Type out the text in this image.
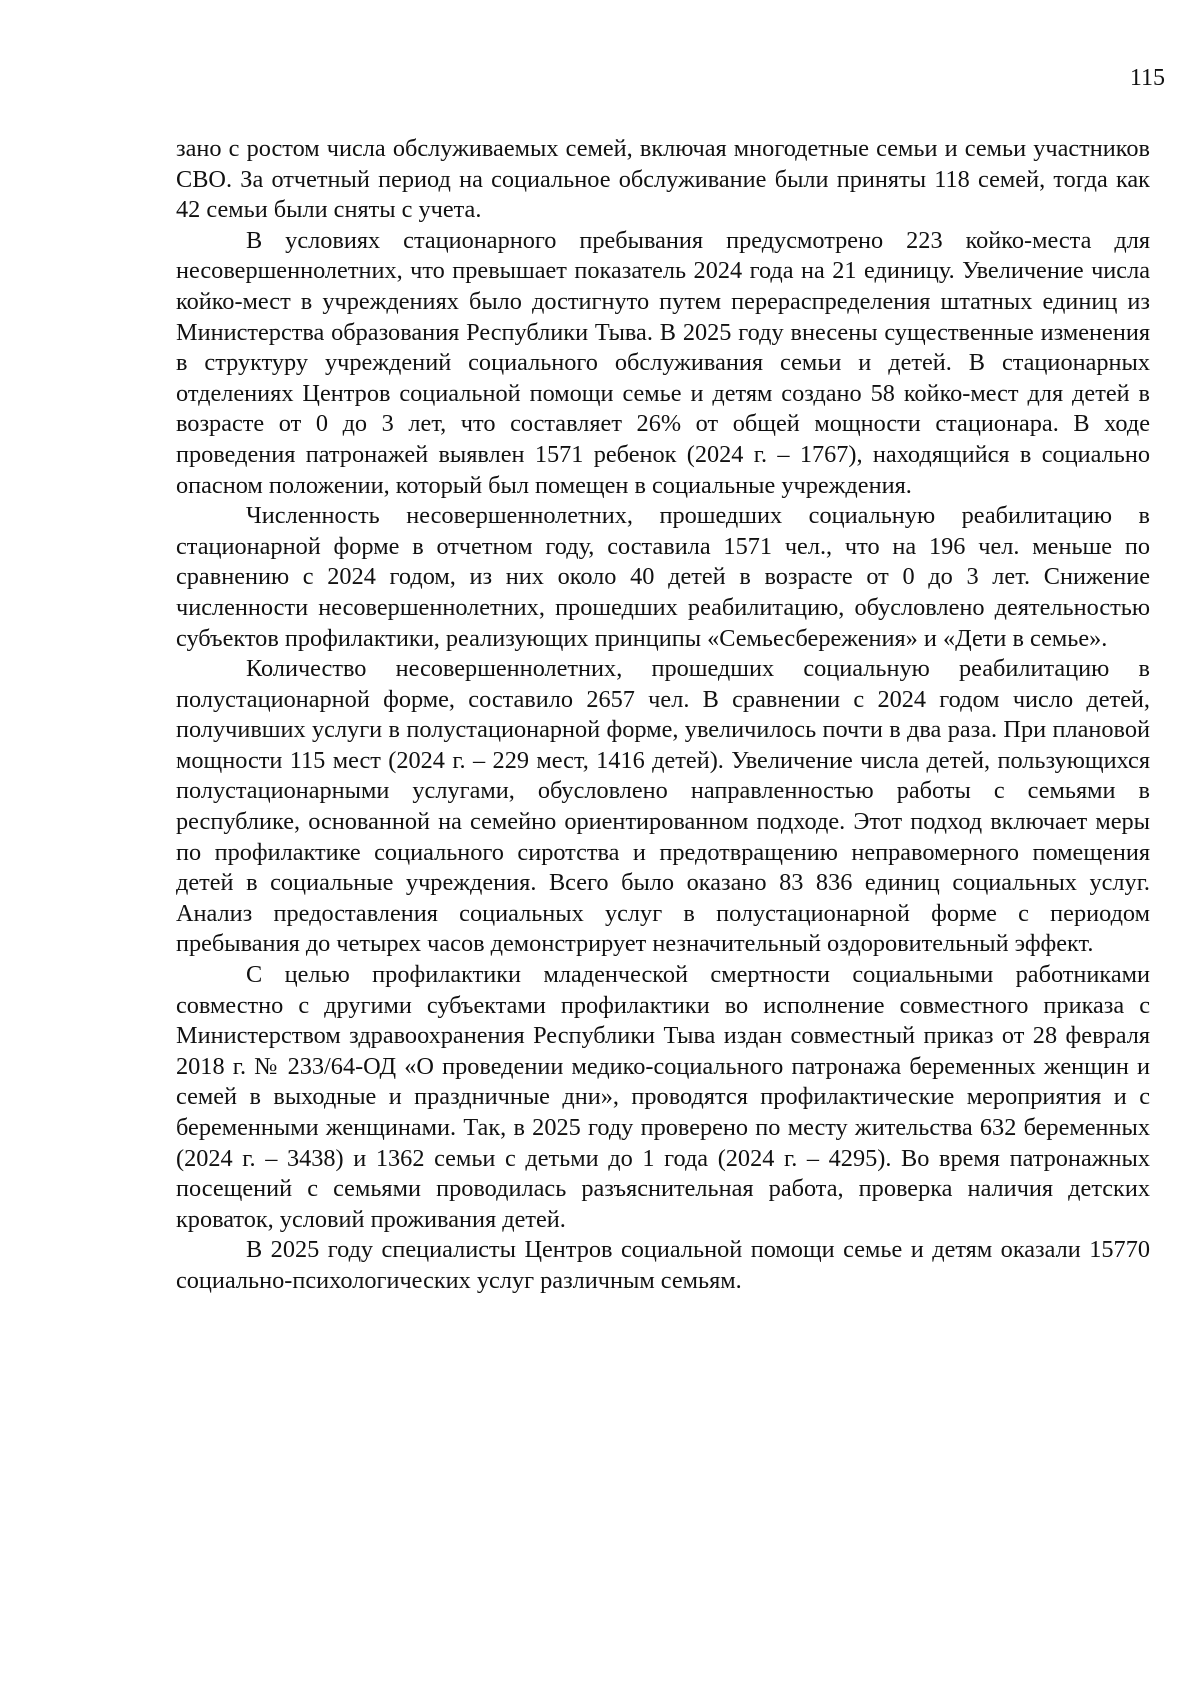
115

зано с ростом числа обслуживаемых семей, включая многодетные семьи и семьи участников СВО. За отчетный период на социальное обслуживание были приняты 118 семей, тогда как 42 семьи были сняты с учета.

В условиях стационарного пребывания предусмотрено 223 койко-места для несовершеннолетних, что превышает показатель 2024 года на 21 единицу. Увеличение числа койко-мест в учреждениях было достигнуто путем перераспределения штатных единиц из Министерства образования Республики Тыва. В 2025 году внесены существенные изменения в структуру учреждений социального обслуживания семьи и детей. В стационарных отделениях Центров социальной помощи семье и детям создано 58 койко-мест для детей в возрасте от 0 до 3 лет, что составляет 26% от общей мощности стационара. В ходе проведения патронажей выявлен 1571 ребенок (2024 г. – 1767), находящийся в социально опасном положении, который был помещен в социальные учреждения.

Численность несовершеннолетних, прошедших социальную реабилитацию в стационарной форме в отчетном году, составила 1571 чел., что на 196 чел. меньше по сравнению с 2024 годом, из них около 40 детей в возрасте от 0 до 3 лет. Снижение численности несовершеннолетних, прошедших реабилитацию, обусловлено деятельностью субъектов профилактики, реализующих принципы «Семьесбережения» и «Дети в семье».

Количество несовершеннолетних, прошедших социальную реабилитацию в полустационарной форме, составило 2657 чел. В сравнении с 2024 годом число детей, получивших услуги в полустационарной форме, увеличилось почти в два раза. При плановой мощности 115 мест (2024 г. – 229 мест, 1416 детей). Увеличение числа детей, пользующихся полустационарными услугами, обусловлено направленностью работы с семьями в республике, основанной на семейно ориентированном подходе. Этот подход включает меры по профилактике социального сиротства и предотвращению неправомерного помещения детей в социальные учреждения. Всего было оказано 83 836 единиц социальных услуг. Анализ предоставления социальных услуг в полустационарной форме с периодом пребывания до четырех часов демонстрирует незначительный оздоровительный эффект.

С целью профилактики младенческой смертности социальными работниками совместно с другими субъектами профилактики во исполнение совместного приказа с Министерством здравоохранения Республики Тыва издан совместный приказ от 28 февраля 2018 г. № 233/64-ОД «О проведении медико-социального патронажа беременных женщин и семей в выходные и праздничные дни», проводятся профилактические мероприятия и с беременными женщинами. Так, в 2025 году проверено по месту жительства 632 беременных (2024 г. – 3438) и 1362 семьи с детьми до 1 года (2024 г. – 4295). Во время патронажных посещений с семьями проводилась разъяснительная работа, проверка наличия детских кроваток, условий проживания детей.

В 2025 году специалисты Центров социальной помощи семье и детям оказали 15770 социально-психологических услуг различным семьям.
